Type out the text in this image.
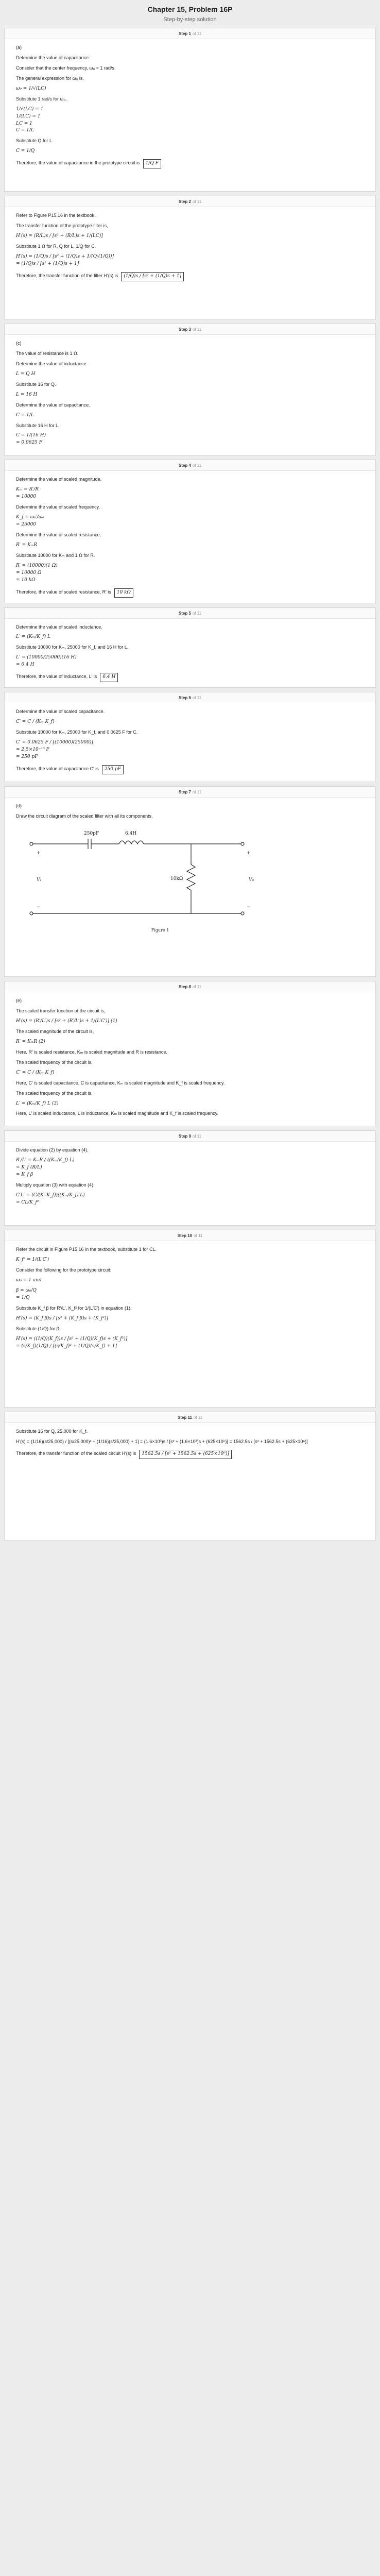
Chapter 15, Problem 16P
Step-by-step solution
Step 1 of 11
(a)
Determine the value of capacitance.
Consider that the center frequency, ω₀ = 1 rad/s.
The general expression for ω₀ is,
ω₀ = 1/√(LC)
Substitute 1 rad/s for ω₀.
1/√(LC) = 1
1/(LC) = 1
LC = 1
C = 1/L
Substitute Q for L.
C = 1/Q
Therefore, the value of capacitance in the prototype circuit is 1/Q F
Step 2 of 11
Refer to Figure P15.16 in the textbook.
The transfer function of the prototype filter is,
H′(s) = (R/L)s / [s² + (R/L)s + 1/(LC)]
Substitute 1 Ω for R, Q for L, 1/Q for C.
H′(s) = (1/Q)s / [s² + (1/Q)s + 1/(Q·(1/Q))]
= (1/Q)s / [s² + (1/Q)s + 1]
Therefore, the transfer function of the filter H′(s) is (1/Q)s / [s² + (1/Q)s + 1]
Step 3 of 11
(c)
The value of resistance is 1 Ω.
Determine the value of inductance.
L = Q H
Substitute 16 for Q.
L = 16 H
Determine the value of capacitance.
C = 1/L
Substitute 16 H for L.
C = 1/(16 H)
= 0.0625 F
Step 4 of 11
Determine the value of scaled magnitude.
Kₘ = R′/R
= 10000
Determine the value of scaled frequency.
K_f = ω₀′/ω₀
= 25000
Determine the value of scaled resistance.
R′ = KₘR
Substitute 10000 for Kₘ and 1 Ω for R.
R′ = (10000)(1 Ω)
= 10000 Ω
= 10 kΩ
Therefore, the value of scaled resistance, R′ is 10 kΩ
Step 5 of 11
Determine the value of scaled inductance.
L′ = (Kₘ/K_f) L
Substitute 10000 for Kₘ, 25000 for K_f, and 16 H for L.
L′ = (10000/25000)(16 H)
= 6.4 H
Therefore, the value of inductance, L′ is 6.4 H
Step 6 of 11
Determine the value of scaled capacitance.
C′ = C / (Kₘ K_f)
Substitute 10000 for Kₘ, 25000 for K_f, and 0.0625 F for C.
C′ = 0.0625 F / [(10000)(25000)]
= 2.5×10⁻¹⁰ F
= 250 pF
Therefore, the value of capacitance C′ is 250 pF
Step 7 of 11
(d)
Draw the circuit diagram of the scaled filter with all its components.
250pF	6.4H
10kΩ
Vᵢ	V₀
+
−
+
−
Figure 1
Step 8 of 11
(e)
The scaled transfer function of the circuit is,
H′(s) = (R′/L′)s / [s² + (R′/L′)s + 1/(L′C′)] (1)
The scaled magnitude of the circuit is,
R′ = KₘR (2)
Here, R′ is scaled resistance, Kₘ is scaled magnitude and R is resistance.
The scaled frequency of the circuit is,
C′ = C / (Kₘ K_f)
Here, C′ is scaled capacitance, C is capacitance, Kₘ is scaled magnitude and K_f is scaled frequency.
The scaled frequency of the circuit is,
L′ = (Kₘ/K_f) L (3)
Here, L′ is scaled inductance, L is inductance, Kₘ is scaled magnitude and K_f is scaled frequency.
Step 9 of 11
Divide equation (2) by equation (4).
R′/L′ = KₘR / ((Kₘ/K_f) L)
= K_f (R/L)
= K_f β
Multiply equation (3) with equation (4).
C′L′ = (C/(KₘK_f))((Kₘ/K_f) L)
= CL/K_f²
Step 10 of 11
Refer the circuit in Figure P15.16 in the textbook, substitute 1 for CL.
K_f² = 1/(L′C′)
Consider the following for the prototype circuit:
ω₀ = 1 and
β = ω₀/Q
= 1/Q
Substitute K_f β for R′/L′, K_f² for 1/(L′C′) in equation (1).
H′(s) = (K_f β)s / [s² + (K_f β)s + (K_f²)]
Substitute (1/Q) for β.
H′(s) = ((1/Q)(K_f))s / [s² + (1/Q)(K_f)s + (K_f²)]
= (s/K_f)(1/Q) / [(s/K_f)² + (1/Q)(s/K_f) + 1]
Step 11 of 11
Substitute 16 for Q, 25,000 for K_f.
H′(s) = (1/16)(s/25,000) / [(s/25,000)² + (1/16)(s/25,000) + 1] = (1.6×10³)s / [s² + (1.6×10³)s + (625×10⁶)] = 1562.5s / [s² + 1562.5s + (625×10⁶)]
Therefore, the transfer function of the scaled circuit H′(s) is 1562.5s / [s² + 1562.5s + (625×10⁶)]
